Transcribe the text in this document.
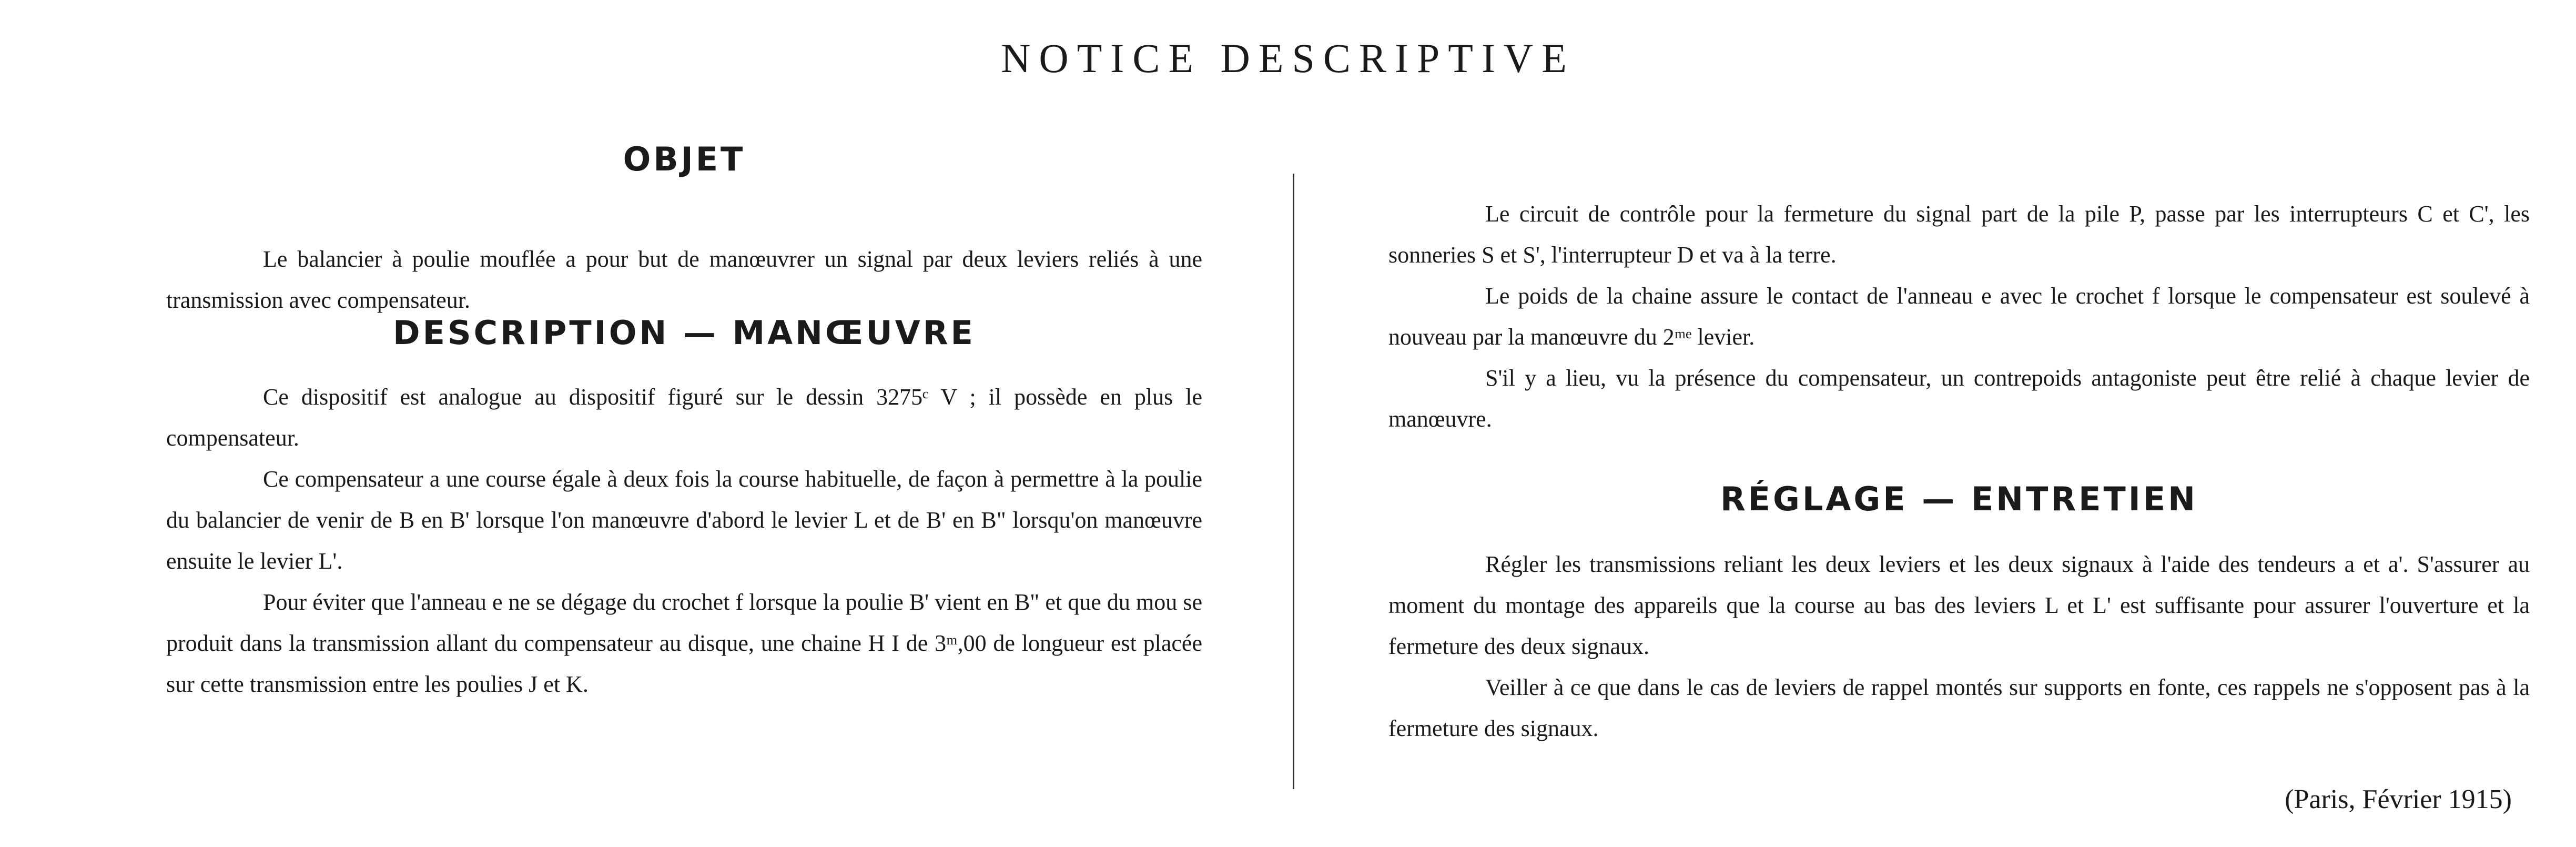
NOTICE DESCRIPTIVE
OBJET

Le balancier à poulie mouflée a pour but de manœuvrer un signal par deux leviers reliés à une transmission avec compensateur.

DESCRIPTION — MANŒUVRE

Ce dispositif est analogue au dispositif figuré sur le dessin 3275ᶜ V ; il possède en plus le compensateur.

Ce compensateur a une course égale à deux fois la course habituelle, de façon à permettre à la poulie du balancier de venir de B en B' lorsque l'on manœuvre d'abord le levier L et de B' en B" lorsqu'on manœuvre ensuite le levier L'.

Pour éviter que l'anneau e ne se dégage du crochet f lorsque la poulie B' vient en B" et que du mou se produit dans la transmission allant du compensateur au disque, une chaine H I de 3ᵐ,00 de longueur est placée sur cette transmission entre les poulies J et K.

Le circuit de contrôle pour la fermeture du signal part de la pile P, passe par les interrupteurs C et C', les sonneries S et S', l'interrupteur D et va à la terre.

Le poids de la chaine assure le contact de l'anneau e avec le crochet f lorsque le compensateur est soulevé à nouveau par la manœuvre du 2ᵐᵉ levier.

S'il y a lieu, vu la présence du compensateur, un contrepoids antagoniste peut être relié à chaque levier de manœuvre.

RÉGLAGE — ENTRETIEN

Régler les transmissions reliant les deux leviers et les deux signaux à l'aide des tendeurs a et a'. S'assurer au moment du montage des appareils que la course au bas des leviers L et L' est suffisante pour assurer l'ouverture et la fermeture des deux signaux.

Veiller à ce que dans le cas de leviers de rappel montés sur supports en fonte, ces rappels ne s'opposent pas à la fermeture des signaux.

(Paris, Février 1915)
